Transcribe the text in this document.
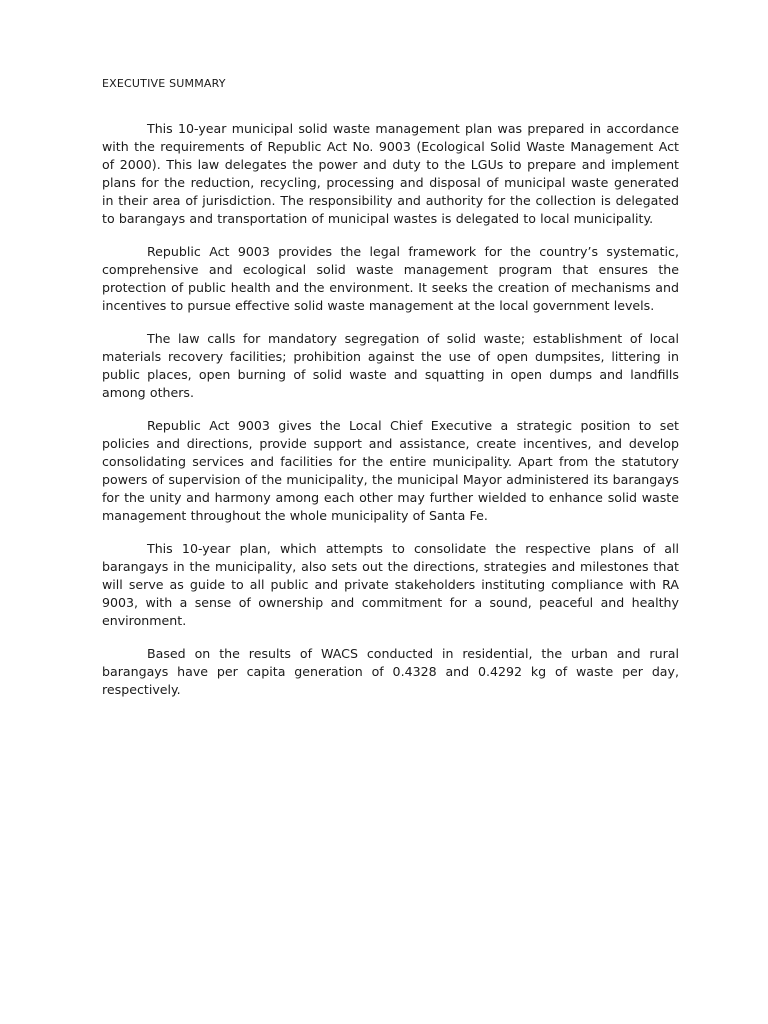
EXECUTIVE SUMMARY

This 10-year municipal solid waste management plan was prepared in accordance with the requirements of Republic Act No. 9003 (Ecological Solid Waste Management Act of 2000). This law delegates the power and duty to the LGUs to prepare and implement plans for the reduction, recycling, processing and disposal of municipal waste generated in their area of jurisdiction. The responsibility and authority for the collection is delegated to barangays and transportation of municipal wastes is delegated to local municipality.

Republic Act 9003 provides the legal framework for the country’s systematic, comprehensive and ecological solid waste management program that ensures the protection of public health and the environment. It seeks the creation of mechanisms and incentives to pursue effective solid waste management at the local government levels.

The law calls for mandatory segregation of solid waste; establishment of local materials recovery facilities; prohibition against the use of open dumpsites, littering in public places, open burning of solid waste and squatting in open dumps and landfills among others.

Republic Act 9003 gives the Local Chief Executive a strategic position to set policies and directions, provide support and assistance, create incentives, and develop consolidating services and facilities for the entire municipality. Apart from the statutory powers of supervision of the municipality, the municipal Mayor administered its barangays for the unity and harmony among each other may further wielded to enhance solid waste management throughout the whole municipality of Santa Fe.

This 10-year plan, which attempts to consolidate the respective plans of all barangays in the municipality, also sets out the directions, strategies and milestones that will serve as guide to all public and private stakeholders instituting compliance with RA 9003, with a sense of ownership and commitment for a sound, peaceful and healthy environment.

Based on the results of WACS conducted in residential, the urban and rural barangays have per capita generation of 0.4328 and 0.4292 kg of waste per day, respectively.
